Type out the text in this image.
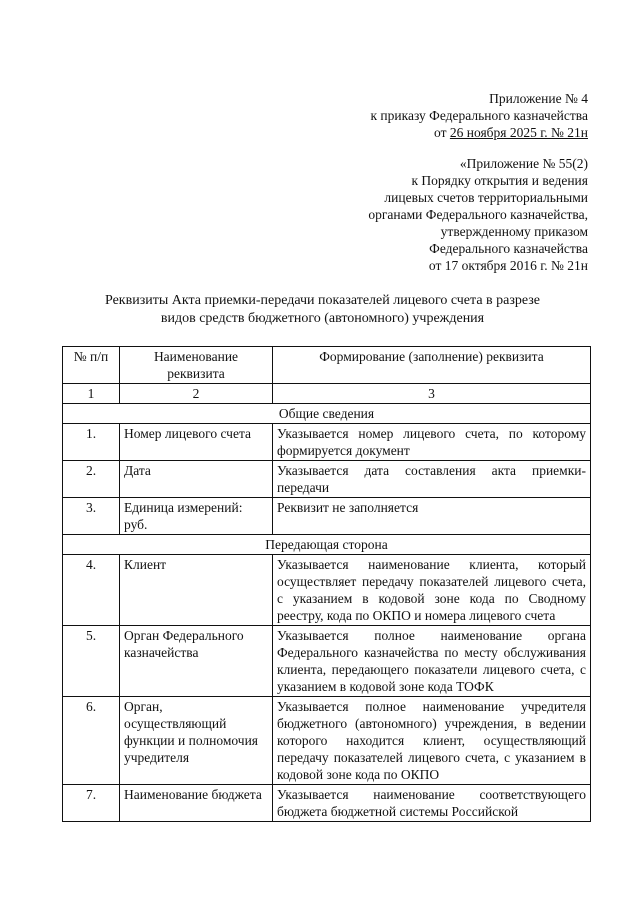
Приложение № 4
к приказу Федерального казначейства
от 26 ноября 2025 г. № 21н
«Приложение № 55(2)
к Порядку открытия и ведения
лицевых счетов территориальными
органами Федерального казначейства,
утвержденному приказом
Федерального казначейства
от 17 октября 2016 г. № 21н
Реквизиты Акта приемки-передачи показателей лицевого счета в разрезе
видов средств бюджетного (автономного) учреждения
№ п/п	Наименование реквизита	Формирование (заполнение) реквизита
1	2	3
Общие сведения		
1.	Номер лицевого счета	Указывается номер лицевого счета, по которому формируется документ
2.	Дата	Указывается дата составления акта приемки-передачи
3.	Единица измерений: руб.	Реквизит не заполняется
Передающая сторона		
4.	Клиент	Указывается наименование клиента, который осуществляет передачу показателей лицевого счета, с указанием в кодовой зоне кода по Сводному реестру, кода по ОКПО и номера лицевого счета
5.	Орган Федерального казначейства	Указывается полное наименование органа Федерального казначейства по месту обслуживания клиента, передающего показатели лицевого счета, с указанием в кодовой зоне кода ТОФК
6.	Орган, осуществляющий функции и полномочия учредителя	Указывается полное наименование учредителя бюджетного (автономного) учреждения, в ведении которого находится клиент, осуществляющий передачу показателей лицевого счета, с указанием в кодовой зоне кода по ОКПО
7.	Наименование бюджета	Указывается наименование соответствующего бюджета бюджетной системы Российской
